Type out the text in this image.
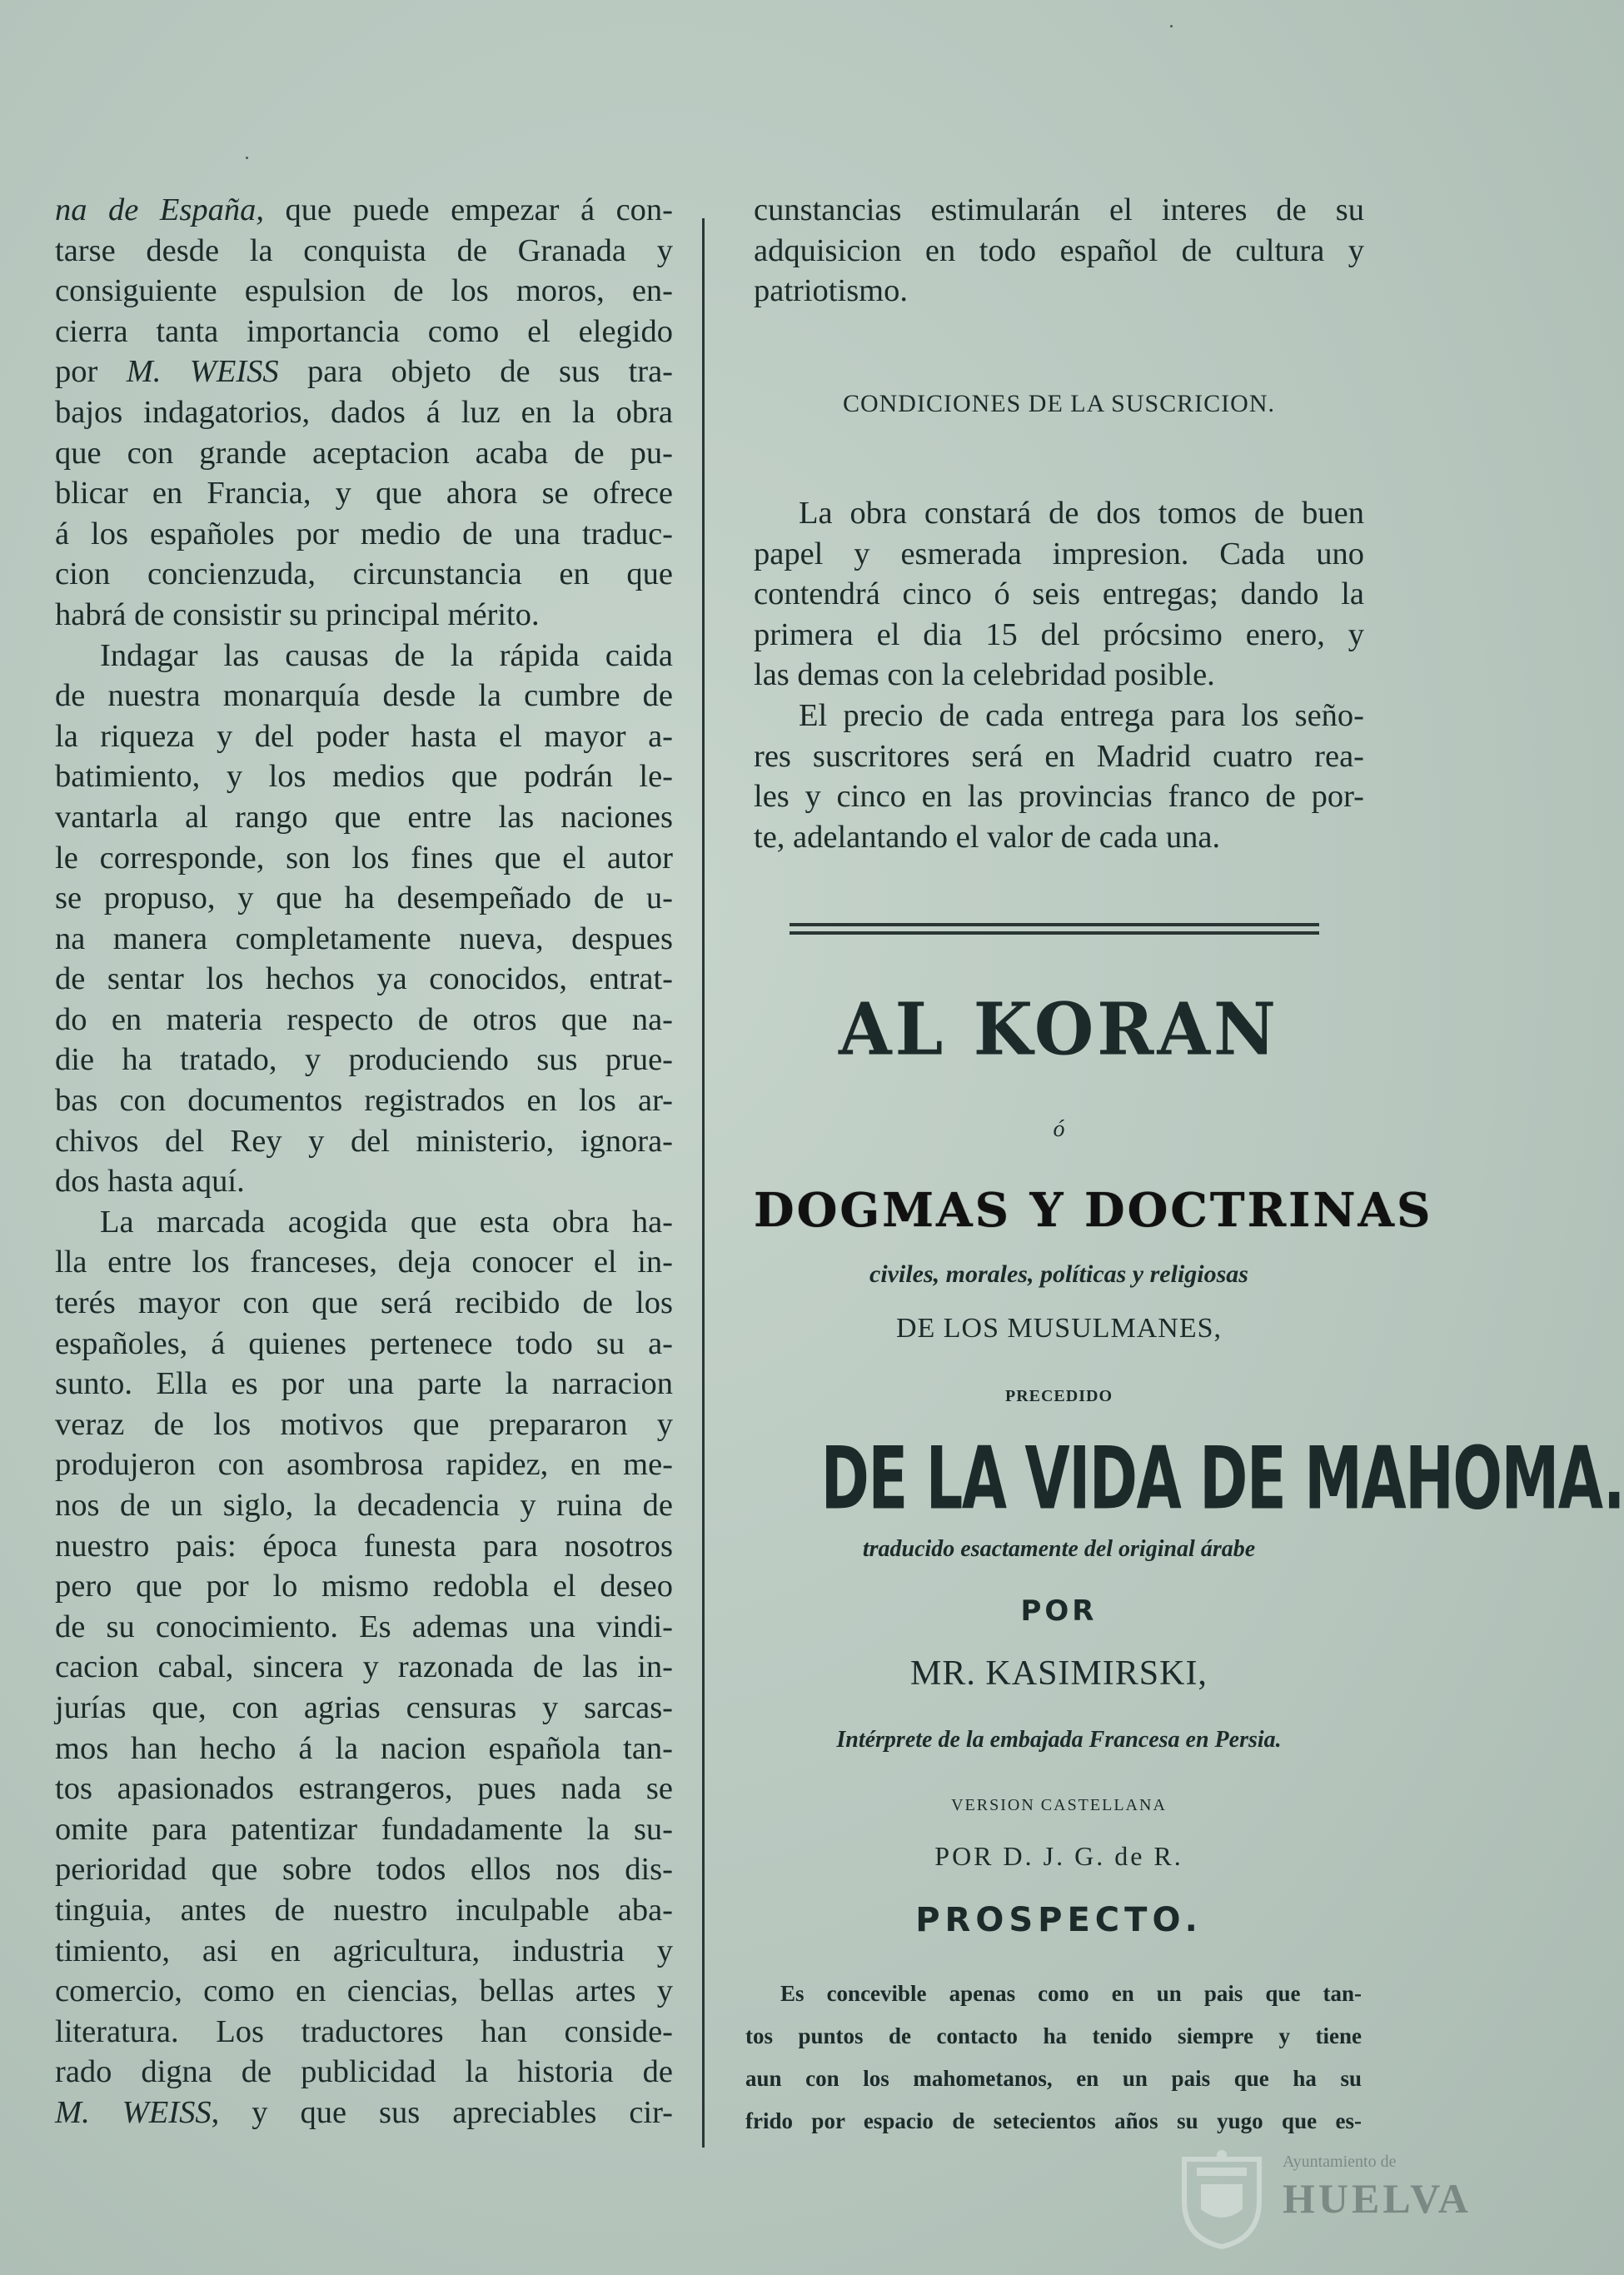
na de España, que puede empezar á con-
tarse desde la conquista de Granada y
consiguiente espulsion de los moros, en-
cierra tanta importancia como el elegido
por M. WEISS para objeto de sus tra-
bajos indagatorios, dados á luz en la obra
que con grande aceptacion acaba de pu-
blicar en Francia, y que ahora se ofrece
á los españoles por medio de una traduc-
cion concienzuda, circunstancia en que
habrá de consistir su principal mérito.
Indagar las causas de la rápida caida
de nuestra monarquía desde la cumbre de
la riqueza y del poder hasta el mayor a-
batimiento, y los medios que podrán le-
vantarla al rango que entre las naciones
le corresponde, son los fines que el autor
se propuso, y que ha desempeñado de u-
na manera completamente nueva, despues
de sentar los hechos ya conocidos, entrat-
do en materia respecto de otros que na-
die ha tratado, y produciendo sus prue-
bas con documentos registrados en los ar-
chivos del Rey y del ministerio, ignora-
dos hasta aquí.
La marcada acogida que esta obra ha-
lla entre los franceses, deja conocer el in-
terés mayor con que será recibido de los
españoles, á quienes pertenece todo su a-
sunto. Ella es por una parte la narracion
veraz de los motivos que prepararon y
produjeron con asombrosa rapidez, en me-
nos de un siglo, la decadencia y ruina de
nuestro pais: época funesta para nosotros
pero que por lo mismo redobla el deseo
de su conocimiento. Es ademas una vindi-
cacion cabal, sincera y razonada de las in-
jurías que, con agrias censuras y sarcas-
mos han hecho á la nacion española tan-
tos apasionados estrangeros, pues nada se
omite para patentizar fundadamente la su-
perioridad que sobre todos ellos nos dis-
tinguia, antes de nuestro inculpable aba-
timiento, asi en agricultura, industria y
comercio, como en ciencias, bellas artes y
literatura. Los traductores han conside-
rado digna de publicidad la historia de
M. WEISS, y que sus apreciables cir-
cunstancias estimularán el interes de su
adquisicion en todo español de cultura y
patriotismo.
CONDICIONES DE LA SUSCRICION.
La obra constará de dos tomos de buen
papel y esmerada impresion. Cada uno
contendrá cinco ó seis entregas; dando la
primera el dia 15 del prócsimo enero, y
las demas con la celebridad posible.
El precio de cada entrega para los seño-
res suscritores será en Madrid cuatro rea-
les y cinco en las provincias franco de por-
te, adelantando el valor de cada una.
AL KORAN
ó
DOGMAS Y DOCTRINAS
civiles, morales, políticas y religiosas
DE LOS MUSULMANES,
PRECEDIDO
DE LA VIDA DE MAHOMA.
traducido esactamente del original árabe
POR
MR. KASIMIRSKI,
Intérprete de la embajada Francesa en Persia.
VERSION CASTELLANA
POR D. J. G. de R.
PROSPECTO.
Es concevible apenas como en un pais que tan-
tos puntos de contacto ha tenido siempre y tiene
aun con los mahometanos, en un pais que ha su
frido por espacio de setecientos años su yugo que es-
Ayuntamiento de
HUELVA
